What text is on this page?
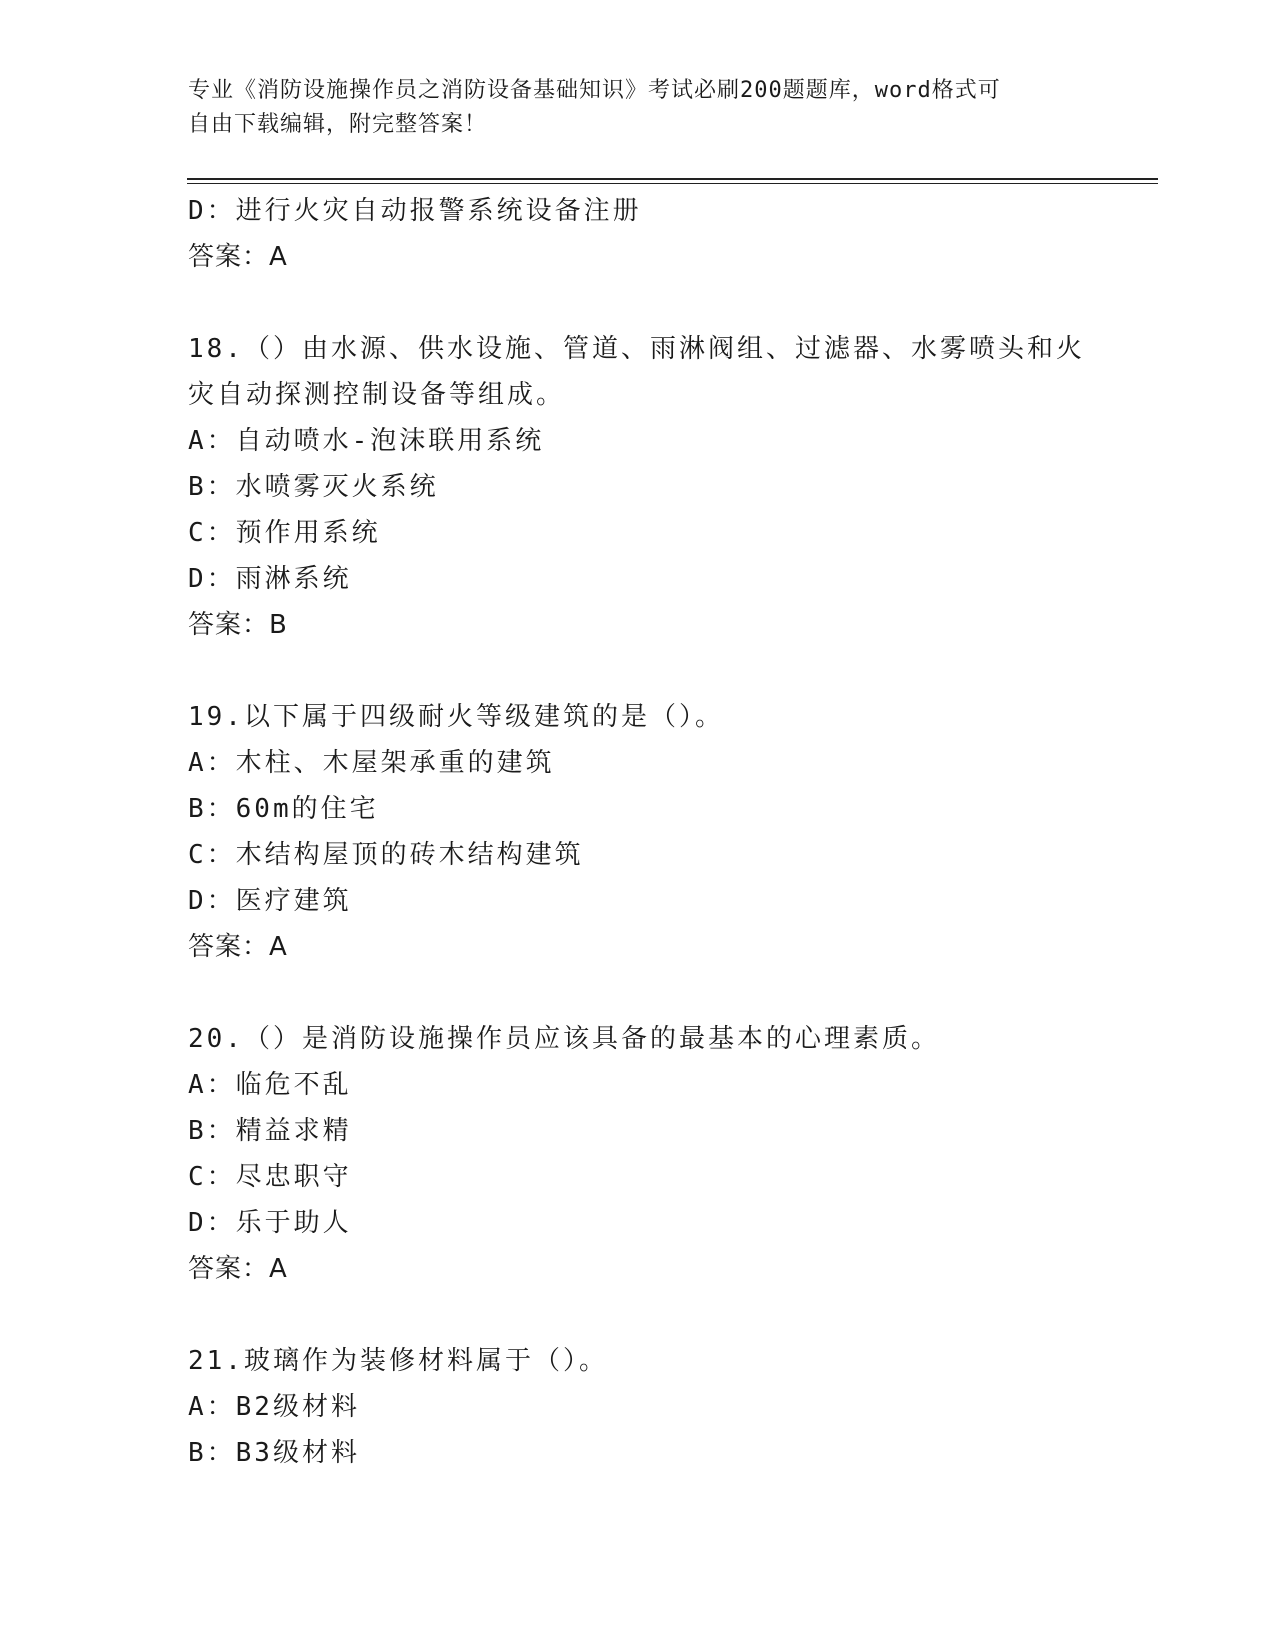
专业《消防设施操作员之消防设备基础知识》考试必刷200题题库，word格式可
自由下载编辑，附完整答案！
D：进行火灾自动报警系统设备注册
答案：A
18.（）由水源、供水设施、管道、雨淋阀组、过滤器、水雾喷头和火
灾自动探测控制设备等组成。
A：自动喷水-泡沫联用系统
B：水喷雾灭火系统
C：预作用系统
D：雨淋系统
答案：B
19.以下属于四级耐火等级建筑的是（）。
A：木柱、木屋架承重的建筑
B：60m的住宅
C：木结构屋顶的砖木结构建筑
D：医疗建筑
答案：A
20.（）是消防设施操作员应该具备的最基本的心理素质。
A：临危不乱
B：精益求精
C：尽忠职守
D：乐于助人
答案：A
21.玻璃作为装修材料属于（）。
A：B2级材料
B：B3级材料
